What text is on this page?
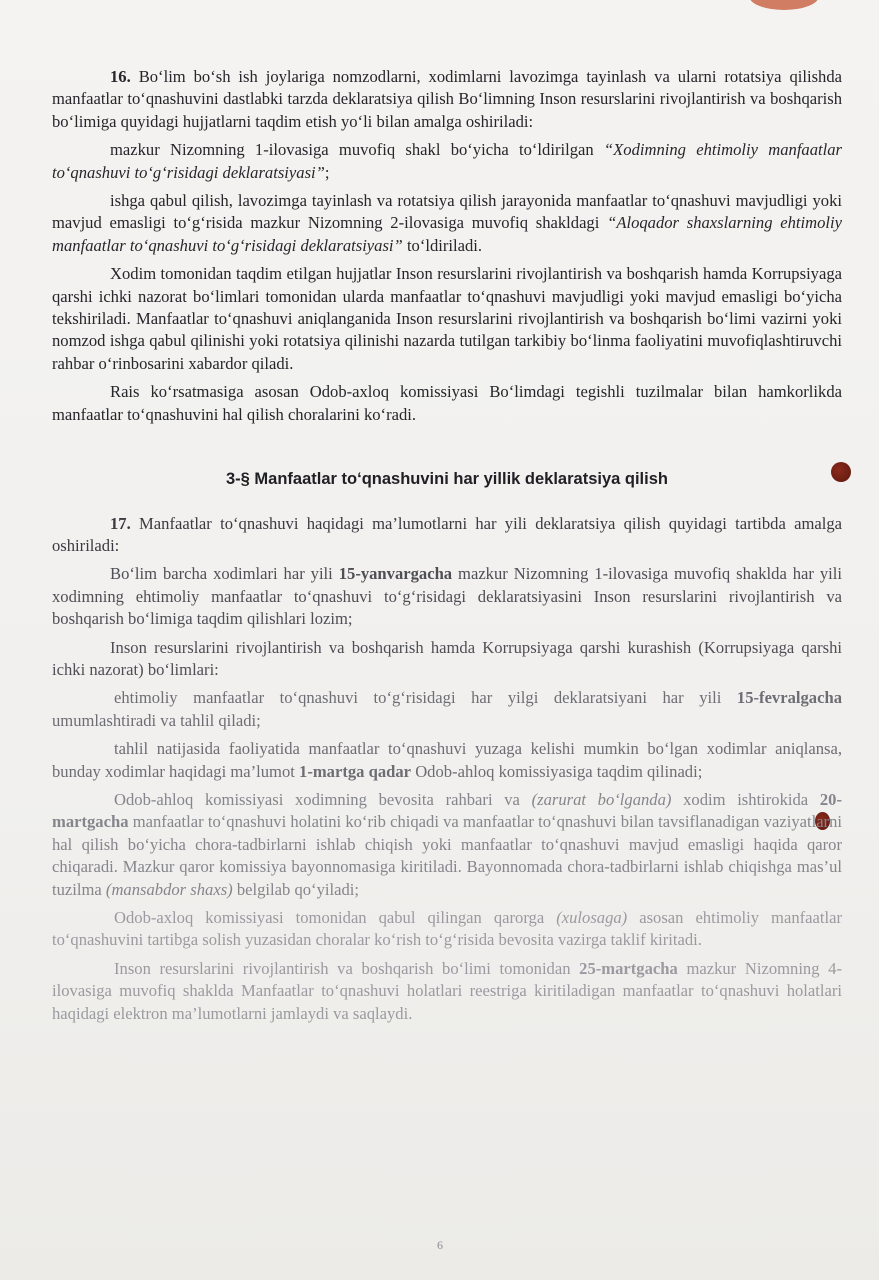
16. Bo‘lim bo‘sh ish joylariga nomzodlarni, xodimlarni lavozimga tayinlash va ularni rotatsiya qilishda manfaatlar to‘qnashuvini dastlabki tarzda deklaratsiya qilish Bo‘limning Inson resurslarini rivojlantirish va boshqarish bo‘limiga quyidagi hujjatlarni taqdim etish yo‘li bilan amalga oshiriladi:

mazkur Nizomning 1-ilovasiga muvofiq shakl bo‘yicha to‘ldirilgan “Xodimning ehtimoliy manfaatlar to‘qnashuvi to‘g‘risidagi deklaratsiyasi”;

ishga qabul qilish, lavozimga tayinlash va rotatsiya qilish jarayonida manfaatlar to‘qnashuvi mavjudligi yoki mavjud emasligi to‘g‘risida mazkur Nizomning 2-ilovasiga muvofiq shakldagi “Aloqador shaxslarning ehtimoliy manfaatlar to‘qnashuvi to‘g‘risidagi deklaratsiyasi” to‘ldiriladi.

Xodim tomonidan taqdim etilgan hujjatlar Inson resurslarini rivojlantirish va boshqarish hamda Korrupsiyaga qarshi ichki nazorat bo‘limlari tomonidan ularda manfaatlar to‘qnashuvi mavjudligi yoki mavjud emasligi bo‘yicha tekshiriladi. Manfaatlar to‘qnashuvi aniqlanganida Inson resurslarini rivojlantirish va boshqarish bo‘limi vazirni yoki nomzod ishga qabul qilinishi yoki rotatsiya qilinishi nazarda tutilgan tarkibiy bo‘linma faoliyatini muvofiqlashtiruvchi rahbar o‘rinbosarini xabardor qiladi.

Rais ko‘rsatmasiga asosan Odob-axloq komissiyasi Bo‘limdagi tegishli tuzilmalar bilan hamkorlikda manfaatlar to‘qnashuvini hal qilish choralarini ko‘radi.

3-§ Manfaatlar to‘qnashuvini har yillik deklaratsiya qilish

17. Manfaatlar to‘qnashuvi haqidagi ma’lumotlarni har yili deklaratsiya qilish quyidagi tartibda amalga oshiriladi:

Bo‘lim barcha xodimlari har yili 15-yanvargacha mazkur Nizomning 1-ilovasiga muvofiq shaklda har yili xodimning ehtimoliy manfaatlar to‘qnashuvi to‘g‘risidagi deklaratsiyasini Inson resurslarini rivojlantirish va boshqarish bo‘limiga taqdim qilishlari lozim;

Inson resurslarini rivojlantirish va boshqarish hamda Korrupsiyaga qarshi kurashish (Korrupsiyaga qarshi ichki nazorat) bo‘limlari:

ehtimoliy manfaatlar to‘qnashuvi to‘g‘risidagi har yilgi deklaratsiyani har yili 15-fevralgacha umumlashtiradi va tahlil qiladi;

tahlil natijasida faoliyatida manfaatlar to‘qnashuvi yuzaga kelishi mumkin bo‘lgan xodimlar aniqlansa, bunday xodimlar haqidagi ma’lumot 1-martga qadar Odob-ahloq komissiyasiga taqdim qilinadi;

Odob-ahloq komissiyasi xodimning bevosita rahbari va (zarurat bo‘lganda) xodim ishtirokida 20-martgacha manfaatlar to‘qnashuvi holatini ko‘rib chiqadi va manfaatlar to‘qnashuvi bilan tavsiflanadigan vaziyatlarni hal qilish bo‘yicha chora-tadbirlarni ishlab chiqish yoki manfaatlar to‘qnashuvi mavjud emasligi haqida qaror chiqaradi. Mazkur qaror komissiya bayonnomasiga kiritiladi. Bayonnomada chora-tadbirlarni ishlab chiqishga mas’ul tuzilma (mansabdor shaxs) belgilab qo‘yiladi;

Odob-axloq komissiyasi tomonidan qabul qilingan qarorga (xulosaga) asosan ehtimoliy manfaatlar to‘qnashuvini tartibga solish yuzasidan choralar ko‘rish to‘g‘risida bevosita vazirga taklif kiritadi.

Inson resurslarini rivojlantirish va boshqarish bo‘limi tomonidan 25-martgacha mazkur Nizomning 4-ilovasiga muvofiq shaklda Manfaatlar to‘qnashuvi holatlari reestriga kiritiladigan manfaatlar to‘qnashuvi holatlari haqidagi elektron ma’lumotlarni jamlaydi va saqlaydi.

6
